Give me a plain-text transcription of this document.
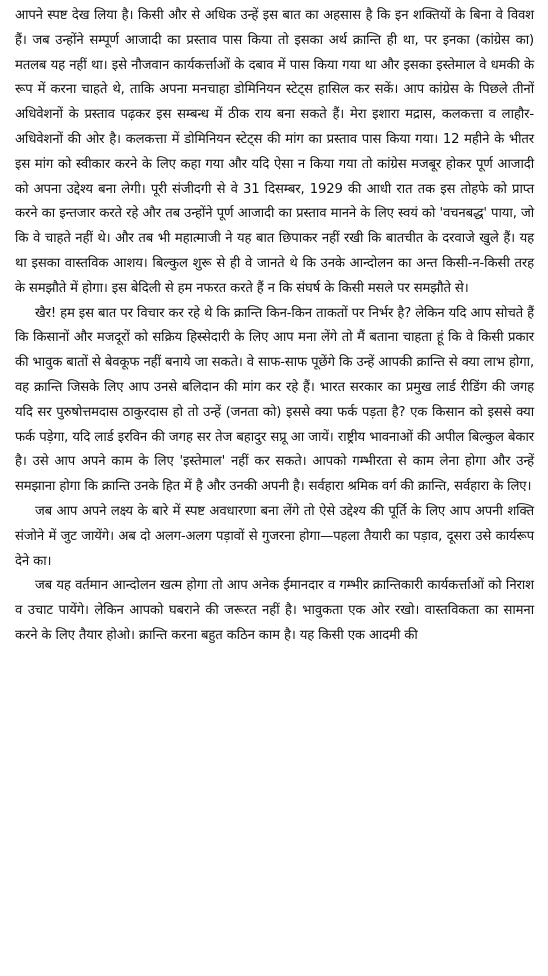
आपने स्पष्ट देख लिया है। किसी और से अधिक उन्हें इस बात का अहसास है कि इन शक्तियों के बिना वे विवश हैं। जब उन्होंने सम्पूर्ण आजादी का प्रस्ताव पास किया तो इसका अर्थ क्रान्ति ही था, पर इनका (कांग्रेस का) मतलब यह नहीं था। इसे नौजवान कार्यकर्त्ताओं के दबाव में पास किया गया था और इसका इस्तेमाल वे धमकी के रूप में करना चाहते थे, ताकि अपना मनचाहा डोमिनियन स्टेट्स हासिल कर सकें। आप कांग्रेस के पिछले तीनों अधिवेशनों के प्रस्ताव पढ़कर इस सम्बन्ध में ठीक राय बना सकते हैं। मेरा इशारा मद्रास, कलकत्ता व लाहौर-अधिवेशनों की ओर है। कलकत्ता में डोमिनियन स्टेट्स की मांग का प्रस्ताव पास किया गया। 12 महीने के भीतर इस मांग को स्वीकार करने के लिए कहा गया और यदि ऐसा न किया गया तो कांग्रेस मजबूर होकर पूर्ण आजादी को अपना उद्देश्य बना लेगी। पूरी संजीदगी से वे 31 दिसम्बर, 1929 की आधी रात तक इस तोहफे को प्राप्त करने का इन्तजार करते रहे और तब उन्होंने पूर्ण आजादी का प्रस्ताव मानने के लिए स्वयं को 'वचनबद्ध' पाया, जो कि वे चाहते नहीं थे। और तब भी महात्माजी ने यह बात छिपाकर नहीं रखी कि बातचीत के दरवाजे खुले हैं। यह था इसका वास्तविक आशय। बिल्कुल शुरू से ही वे जानते थे कि उनके आन्दोलन का अन्त किसी-न-किसी तरह के समझौते में होगा। इस बेदिली से हम नफरत करते हैं न कि संघर्ष के किसी मसले पर समझौते से।

खैर! हम इस बात पर विचार कर रहे थे कि क्रान्ति किन-किन ताकतों पर निर्भर है? लेकिन यदि आप सोचते हैं कि किसानों और मजदूरों को सक्रिय हिस्सेदारी के लिए आप मना लेंगे तो मैं बताना चाहता हूं कि वे किसी प्रकार की भावुक बातों से बेवकूफ नहीं बनाये जा सकते। वे साफ-साफ पूछेंगे कि उन्हें आपकी क्रान्ति से क्या लाभ होगा, वह क्रान्ति जिसके लिए आप उनसे बलिदान की मांग कर रहे हैं। भारत सरकार का प्रमुख लार्ड रीडिंग की जगह यदि सर पुरुषोत्तमदास ठाकुरदास हो तो उन्हें (जनता को) इससे क्या फर्क पड़ता है? एक किसान को इससे क्या फर्क पड़ेगा, यदि लार्ड इरविन की जगह सर तेज बहादुर सप्रू आ जायें। राष्ट्रीय भावनाओं की अपील बिल्कुल बेकार है। उसे आप अपने काम के लिए 'इस्तेमाल' नहीं कर सकते। आपको गम्भीरता से काम लेना होगा और उन्हें समझाना होगा कि क्रान्ति उनके हित में है और उनकी अपनी है। सर्वहारा श्रमिक वर्ग की क्रान्ति, सर्वहारा के लिए।

जब आप अपने लक्ष्य के बारे में स्पष्ट अवधारणा बना लेंगे तो ऐसे उद्देश्य की पूर्ति के लिए आप अपनी शक्ति संजोने में जुट जायेंगे। अब दो अलग-अलग पड़ावों से गुजरना होगा—पहला तैयारी का पड़ाव, दूसरा उसे कार्यरूप देने का।

जब यह वर्तमान आन्दोलन खत्म होगा तो आप अनेक ईमानदार व गम्भीर क्रान्तिकारी कार्यकर्त्ताओं को निराश व उचाट पायेंगे। लेकिन आपको घबराने की जरूरत नहीं है। भावुकता एक ओर रखो। वास्तविकता का सामना करने के लिए तैयार होओ। क्रान्ति करना बहुत कठिन काम है। यह किसी एक आदमी की
